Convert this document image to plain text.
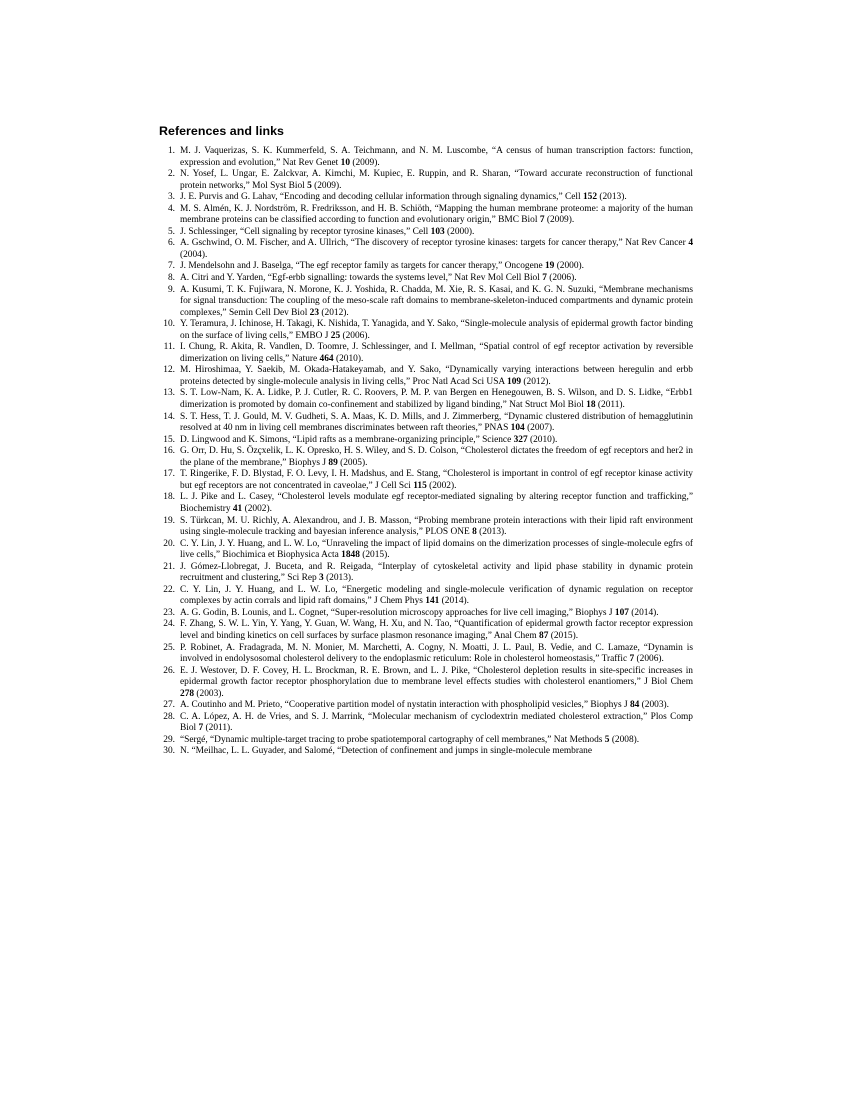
References and links
1. M. J. Vaquerizas, S. K. Kummerfeld, S. A. Teichmann, and N. M. Luscombe, “A census of human transcription factors: function, expression and evolution,” Nat Rev Genet 10 (2009).
2. N. Yosef, L. Ungar, E. Zalckvar, A. Kimchi, M. Kupiec, E. Ruppin, and R. Sharan, “Toward accurate reconstruction of functional protein networks,” Mol Syst Biol 5 (2009).
3. J. E. Purvis and G. Lahav, “Encoding and decoding cellular information through signaling dynamics,” Cell 152 (2013).
4. M. S. Almén, K. J. Nordström, R. Fredriksson, and H. B. Schiöth, “Mapping the human membrane proteome: a majority of the human membrane proteins can be classified according to function and evolutionary origin,” BMC Biol 7 (2009).
5. J. Schlessinger, “Cell signaling by receptor tyrosine kinases,” Cell 103 (2000).
6. A. Gschwind, O. M. Fischer, and A. Ullrich, “The discovery of receptor tyrosine kinases: targets for cancer therapy,” Nat Rev Cancer 4 (2004).
7. J. Mendelsohn and J. Baselga, “The egf receptor family as targets for cancer therapy,” Oncogene 19 (2000).
8. A. Citri and Y. Yarden, “Egf-erbb signalling: towards the systems level,” Nat Rev Mol Cell Biol 7 (2006).
9. A. Kusumi, T. K. Fujiwara, N. Morone, K. J. Yoshida, R. Chadda, M. Xie, R. S. Kasai, and K. G. N. Suzuki, “Membrane mechanisms for signal transduction: The coupling of the meso-scale raft domains to membrane-skeleton-induced compartments and dynamic protein complexes,” Semin Cell Dev Biol 23 (2012).
10. Y. Teramura, J. Ichinose, H. Takagi, K. Nishida, T. Yanagida, and Y. Sako, “Single-molecule analysis of epidermal growth factor binding on the surface of living cells,” EMBO J 25 (2006).
11. I. Chung, R. Akita, R. Vandlen, D. Toomre, J. Schlessinger, and I. Mellman, “Spatial control of egf receptor activation by reversible dimerization on living cells,” Nature 464 (2010).
12. M. Hiroshimaa, Y. Saekib, M. Okada-Hatakeyamab, and Y. Sako, “Dynamically varying interactions between heregulin and erbb proteins detected by single-molecule analysis in living cells,” Proc Natl Acad Sci USA 109 (2012).
13. S. T. Low-Nam, K. A. Lidke, P. J. Cutler, R. C. Roovers, P. M. P. van Bergen en Henegouwen, B. S. Wilson, and D. S. Lidke, “Erbb1 dimerization is promoted by domain co-confinement and stabilized by ligand binding,” Nat Struct Mol Biol 18 (2011).
14. S. T. Hess, T. J. Gould, M. V. Gudheti, S. A. Maas, K. D. Mills, and J. Zimmerberg, “Dynamic clustered distribution of hemagglutinin resolved at 40 nm in living cell membranes discriminates between raft theories,” PNAS 104 (2007).
15. D. Lingwood and K. Simons, “Lipid rafts as a membrane-organizing principle,” Science 327 (2010).
16. G. Orr, D. Hu, S. Özçxelik, L. K. Opresko, H. S. Wiley, and S. D. Colson, “Cholesterol dictates the freedom of egf receptors and her2 in the plane of the membrane,” Biophys J 89 (2005).
17. T. Ringerike, F. D. Blystad, F. O. Levy, I. H. Madshus, and E. Stang, “Cholesterol is important in control of egf receptor kinase activity but egf receptors are not concentrated in caveolae,” J Cell Sci 115 (2002).
18. L. J. Pike and L. Casey, “Cholesterol levels modulate egf receptor-mediated signaling by altering receptor function and trafficking,” Biochemistry 41 (2002).
19. S. Türkcan, M. U. Richly, A. Alexandrou, and J. B. Masson, “Probing membrane protein interactions with their lipid raft environment using single-molecule tracking and bayesian inference analysis,” PLOS ONE 8 (2013).
20. C. Y. Lin, J. Y. Huang, and L. W. Lo, “Unraveling the impact of lipid domains on the dimerization processes of single-molecule egfrs of live cells,” Biochimica et Biophysica Acta 1848 (2015).
21. J. Gómez-Llobregat, J. Buceta, and R. Reigada, “Interplay of cytoskeletal activity and lipid phase stability in dynamic protein recruitment and clustering,” Sci Rep 3 (2013).
22. C. Y. Lin, J. Y. Huang, and L. W. Lo, “Energetic modeling and single-molecule verification of dynamic regulation on receptor complexes by actin corrals and lipid raft domains,” J Chem Phys 141 (2014).
23. A. G. Godin, B. Lounis, and L. Cognet, “Super-resolution microscopy approaches for live cell imaging,” Biophys J 107 (2014).
24. F. Zhang, S. W. L. Yin, Y. Yang, Y. Guan, W. Wang, H. Xu, and N. Tao, “Quantification of epidermal growth factor receptor expression level and binding kinetics on cell surfaces by surface plasmon resonance imaging,” Anal Chem 87 (2015).
25. P. Robinet, A. Fradagrada, M. N. Monier, M. Marchetti, A. Cogny, N. Moatti, J. L. Paul, B. Vedie, and C. Lamaze, “Dynamin is involved in endolysosomal cholesterol delivery to the endoplasmic reticulum: Role in cholesterol homeostasis,” Traffic 7 (2006).
26. E. J. Westover, D. F. Covey, H. L. Brockman, R. E. Brown, and L. J. Pike, “Cholesterol depletion results in site-specific increases in epidermal growth factor receptor phosphorylation due to membrane level effects studies with cholesterol enantiomers,” J Biol Chem 278 (2003).
27. A. Coutinho and M. Prieto, “Cooperative partition model of nystatin interaction with phospholipid vesicles,” Biophys J 84 (2003).
28. C. A. López, A. H. de Vries, and S. J. Marrink, “Molecular mechanism of cyclodextrin mediated cholesterol extraction,” Plos Comp Biol 7 (2011).
29. “Sergé, “Dynamic multiple-target tracing to probe spatiotemporal cartography of cell membranes,” Nat Methods 5 (2008).
30. N. “Meilhac, L. L. Guyader, and Salomé, “Detection of confinement and jumps in single-molecule membrane
